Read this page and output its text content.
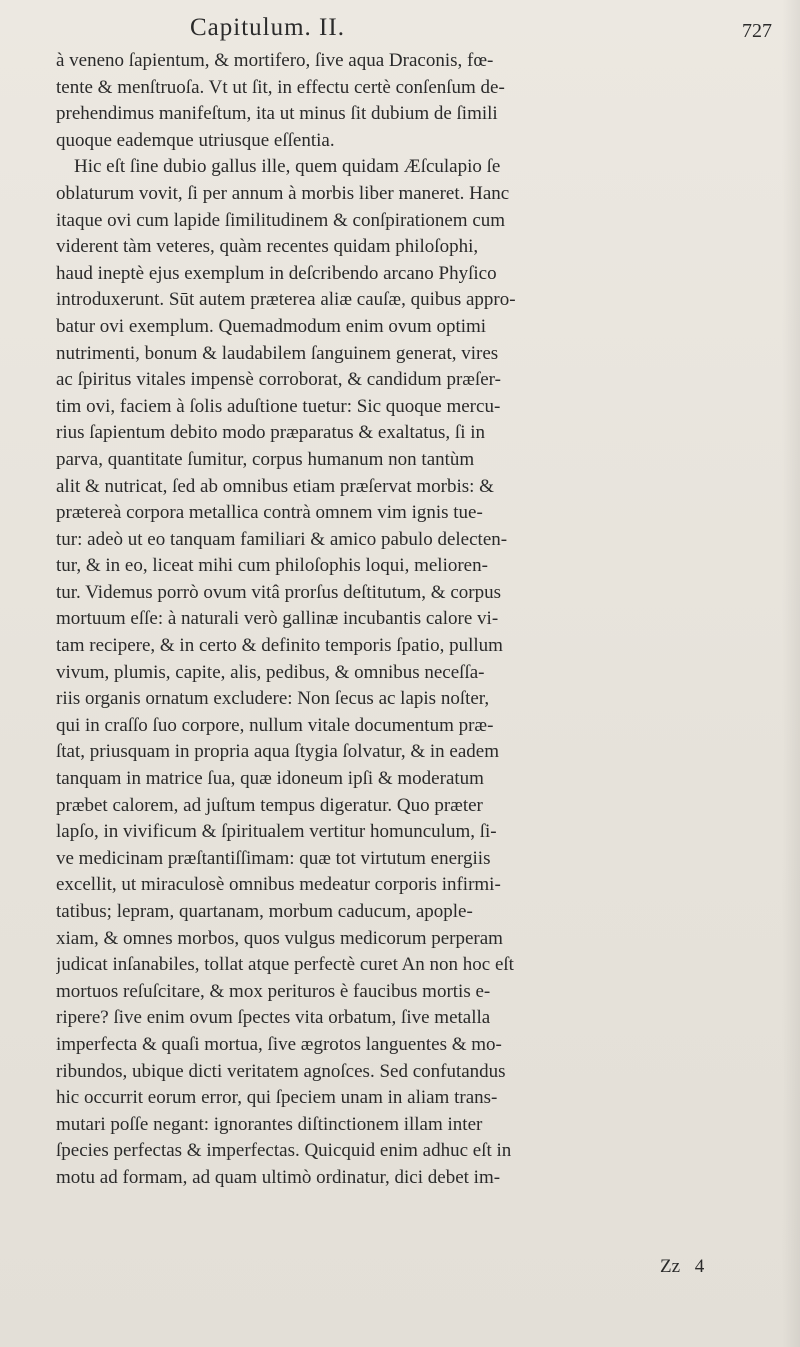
Capitulum. II.	727
à veneno ſapientum, & mortifero, ſive aqua Draconis, fœ-
tente & menſtruoſa. Vt ut ſit, in effectu certè conſenſum de-
prehendimus manifeſtum, ita ut minus ſit dubium de ſimili
quoque eademque utriusque eſſentia.
Hic eſt ſine dubio gallus ille, quem quidam Æſculapio ſe
oblaturum vovit, ſi per annum à morbis liber maneret. Hanc
itaque ovi cum lapide ſimilitudinem & conſpirationem cum
viderent tàm veteres, quàm recentes quidam philoſophi,
haud ineptè ejus exemplum in deſcribendo arcano Phyſico
introduxerunt. Sūt autem præterea aliæ cauſæ, quibus appro-
batur ovi exemplum. Quemadmodum enim ovum optimi
nutrimenti, bonum & laudabilem ſanguinem generat, vires
ac ſpiritus vitales impensè corroborat, & candidum præſer-
tim ovi, faciem à ſolis aduſtione tuetur: Sic quoque mercu-
rius ſapientum debito modo præparatus & exaltatus, ſi in
parva, quantitate ſumitur, corpus humanum non tantùm
alit & nutricat, ſed ab omnibus etiam præſervat morbis: &
prætereà corpora metallica contrà omnem vim ignis tue-
tur: adeò ut eo tanquam familiari & amico pabulo delecten-
tur, & in eo, liceat mihi cum philoſophis loqui, melioren-
tur. Videmus porrò ovum vitâ prorſus deſtitutum, & corpus
mortuum eſſe: à naturali verò gallinæ incubantis calore vi-
tam recipere, & in certo & definito temporis ſpatio, pullum
vivum, plumis, capite, alis, pedibus, & omnibus neceſſa-
riis organis ornatum excludere: Non ſecus ac lapis noſter,
qui in craſſo ſuo corpore, nullum vitale documentum præ-
ſtat, priusquam in propria aqua ſtygia ſolvatur, & in eadem
tanquam in matrice ſua, quæ idoneum ipſi & moderatum
præbet calorem, ad juſtum tempus digeratur. Quo præter
lapſo, in vivificum & ſpiritualem vertitur homunculum, ſi-
ve medicinam præſtantiſſimam: quæ tot virtutum energiis
excellit, ut miraculosè omnibus medeatur corporis infirmi-
tatibus; lepram, quartanam, morbum caducum, apople-
xiam, & omnes morbos, quos vulgus medicorum perperam
judicat inſanabiles, tollat atque perfectè curet An non hoc eſt
mortuos reſuſcitare, & mox perituros è faucibus mortis e-
ripere? ſive enim ovum ſpectes vita orbatum, ſive metalla
imperfecta & quaſi mortua, ſive ægrotos languentes & mo-
ribundos, ubique dicti veritatem agnoſces. Sed confutandus
hic occurrit eorum error, qui ſpeciem unam in aliam trans-
mutari poſſe negant: ignorantes diſtinctionem illam inter
ſpecies perfectas & imperfectas. Quicquid enim adhuc eſt in
motu ad formam, ad quam ultimò ordinatur, dici debet im-
Zz 4
